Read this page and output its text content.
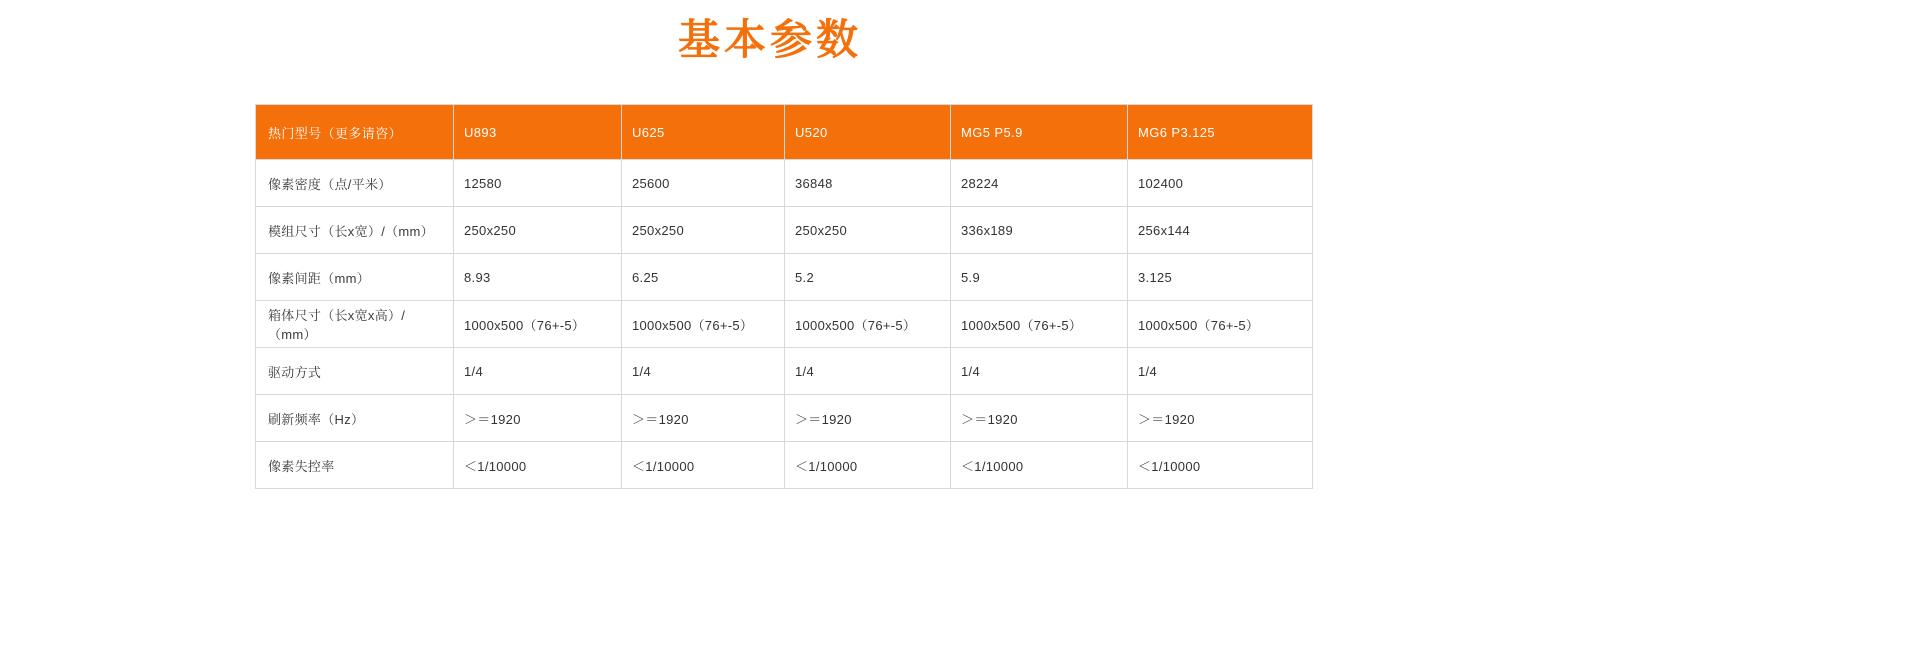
基本参数
热门型号（更多请咨）	U893	U625	U520	MG5 P5.9	MG6 P3.125
像素密度（点/平米）	12580	25600	36848	28224	102400
模组尺寸（长x宽）/（mm）	250x250	250x250	250x250	336x189	256x144
像素间距（mm）	8.93	6.25	5.2	5.9	3.125
箱体尺寸（长x宽x高）/（mm）	1000x500（76+-5）	1000x500（76+-5）	1000x500（76+-5）	1000x500（76+-5）	1000x500（76+-5）
驱动方式	1/4	1/4	1/4	1/4	1/4
刷新频率（Hz）	＞＝1920	＞＝1920	＞＝1920	＞＝1920	＞＝1920
像素失控率	＜1/10000	＜1/10000	＜1/10000	＜1/10000	＜1/10000
